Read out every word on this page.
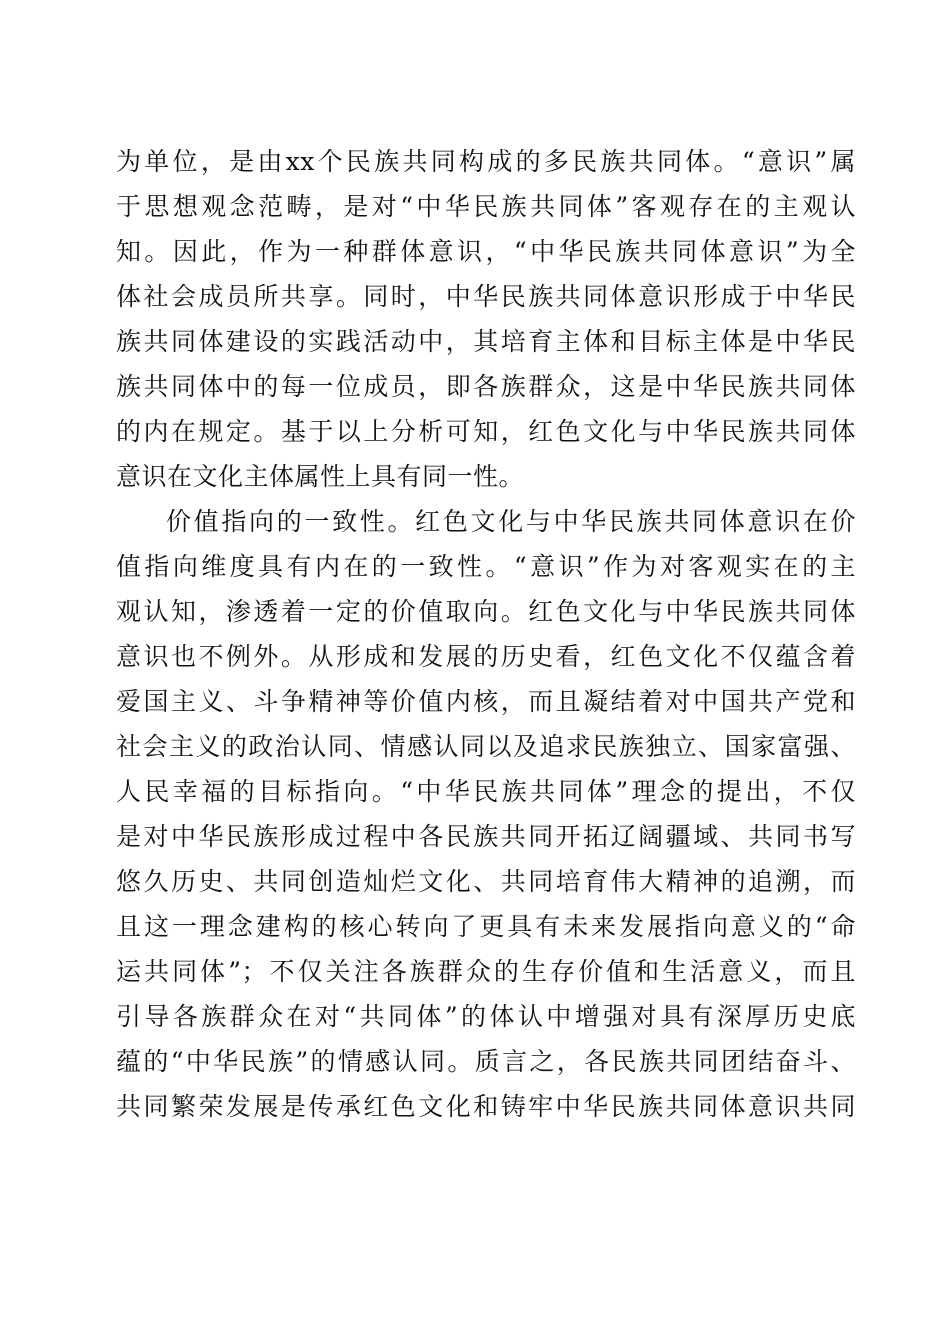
为单位，是由xx个民族共同构成的多民族共同体。“意识”属
于思想观念范畴，是对“中华民族共同体”客观存在的主观认
知。因此，作为一种群体意识，“中华民族共同体意识”为全
体社会成员所共享。同时，中华民族共同体意识形成于中华民
族共同体建设的实践活动中，其培育主体和目标主体是中华民
族共同体中的每一位成员，即各族群众，这是中华民族共同体
的内在规定。基于以上分析可知，红色文化与中华民族共同体
意识在文化主体属性上具有同一性。
价值指向的一致性。红色文化与中华民族共同体意识在价
值指向维度具有内在的一致性。“意识”作为对客观实在的主
观认知，渗透着一定的价值取向。红色文化与中华民族共同体
意识也不例外。从形成和发展的历史看，红色文化不仅蕴含着
爱国主义、斗争精神等价值内核，而且凝结着对中国共产党和
社会主义的政治认同、情感认同以及追求民族独立、国家富强、
人民幸福的目标指向。“中华民族共同体”理念的提出，不仅
是对中华民族形成过程中各民族共同开拓辽阔疆域、共同书写
悠久历史、共同创造灿烂文化、共同培育伟大精神的追溯，而
且这一理念建构的核心转向了更具有未来发展指向意义的“命
运共同体”；不仅关注各族群众的生存价值和生活意义，而且
引导各族群众在对“共同体”的体认中增强对具有深厚历史底
蕴的“中华民族”的情感认同。质言之，各民族共同团结奋斗、
共同繁荣发展是传承红色文化和铸牢中华民族共同体意识共同
